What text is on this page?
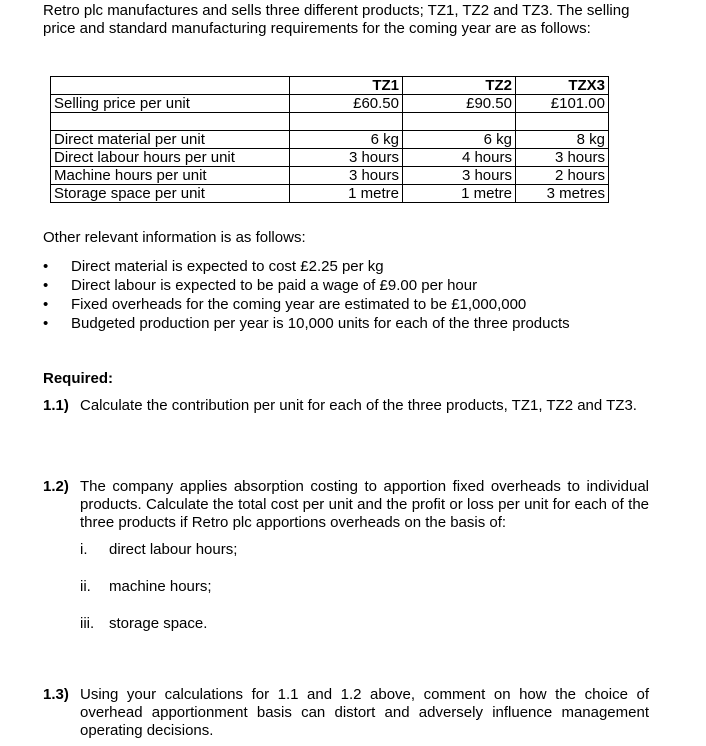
Retro plc manufactures and sells three different products; TZ1, TZ2 and TZ3. The selling price and standard manufacturing requirements for the coming year are as follows:
	TZ1	TZ2	TZX3
Selling price per unit	£60.50	£90.50	£101.00

Direct material per unit	6 kg	6 kg	8 kg
Direct labour hours per unit	3 hours	4 hours	3 hours
Machine hours per unit	3 hours	3 hours	2 hours
Storage space per unit	1 metre	1 metre	3 metres
Other relevant information is as follows:
• Direct material is expected to cost £2.25 per kg
• Direct labour is expected to be paid a wage of £9.00 per hour
• Fixed overheads for the coming year are estimated to be £1,000,000
• Budgeted production per year is 10,000 units for each of the three products
Required:
1.1) Calculate the contribution per unit for each of the three products, TZ1, TZ2 and TZ3.
1.2) The company applies absorption costing to apportion fixed overheads to individual products. Calculate the total cost per unit and the profit or loss per unit for each of the three products if Retro plc apportions overheads on the basis of:
i. direct labour hours;
ii. machine hours;
iii. storage space.
1.3) Using your calculations for 1.1 and 1.2 above, comment on how the choice of overhead apportionment basis can distort and adversely influence management operating decisions.
